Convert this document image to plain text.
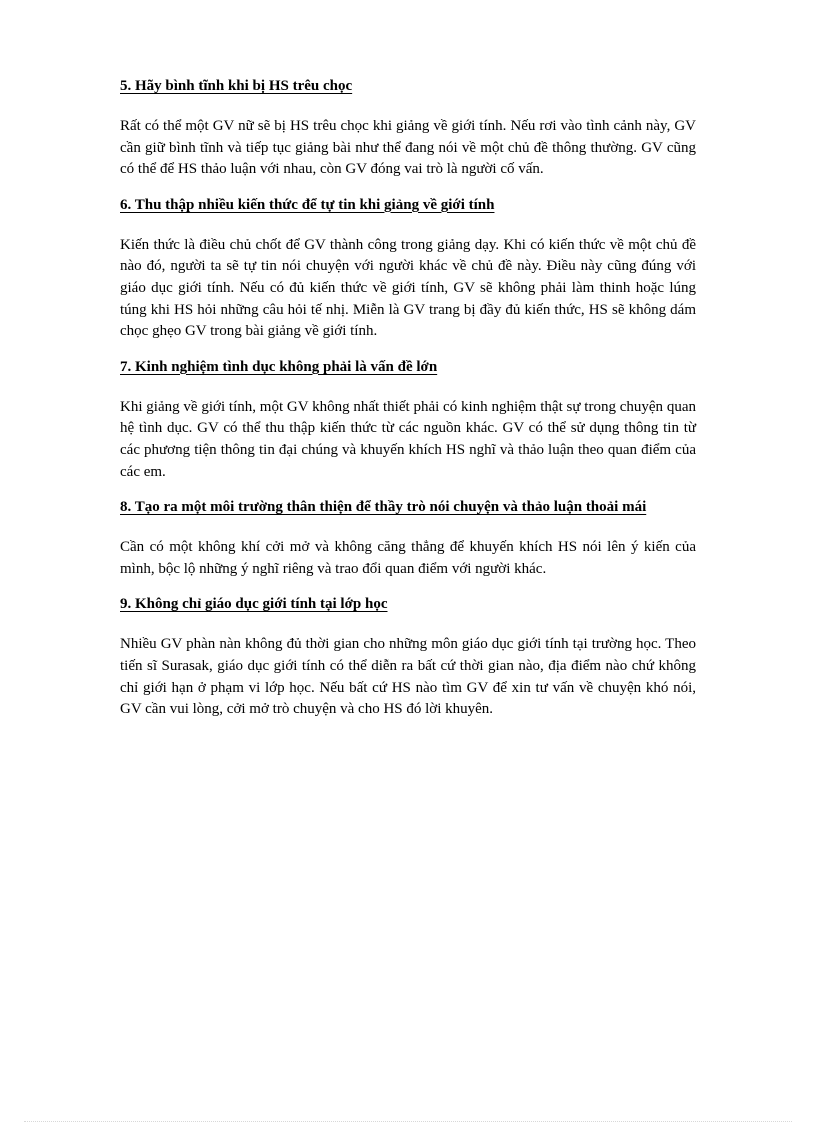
5. Hãy bình tĩnh khi bị HS trêu chọc

Rất có thể một GV nữ sẽ bị HS trêu chọc khi giảng về giới tính. Nếu rơi vào tình cảnh này, GV cần giữ bình tĩnh và tiếp tục giảng bài như thể đang nói về một chủ đề thông thường. GV cũng có thể để HS thảo luận với nhau, còn GV đóng vai trò là người cố vấn.

6. Thu thập nhiều kiến thức để tự tin khi giảng về giới tính

Kiến thức là điều chủ chốt để GV thành công trong giảng dạy. Khi có kiến thức về một chủ đề nào đó, người ta sẽ tự tin nói chuyện với người khác về chủ đề này. Điều này cũng đúng với giáo dục giới tính. Nếu có đủ kiến thức về giới tính, GV sẽ không phải làm thinh hoặc lúng túng khi HS hỏi những câu hỏi tế nhị. Miễn là GV trang bị đầy đủ kiến thức, HS sẽ không dám chọc ghẹo GV trong bài giảng về giới tính.

7. Kinh nghiệm tình dục không phải là vấn đề lớn

Khi giảng về giới tính, một GV không nhất thiết phải có kinh nghiệm thật sự trong chuyện quan hệ tình dục. GV có thể thu thập kiến thức từ các nguồn khác. GV có thể sử dụng thông tin từ các phương tiện thông tin đại chúng và khuyến khích HS nghĩ và thảo luận theo quan điểm của các em.

8. Tạo ra một môi trường thân thiện để thầy trò nói chuyện và thảo luận thoải mái

Cần có một không khí cởi mở và không căng thẳng để khuyến khích HS nói lên ý kiến của mình, bộc lộ những ý nghĩ riêng và trao đổi quan điểm với người khác.

9. Không chỉ giáo dục giới tính tại lớp học

Nhiều GV phàn nàn không đủ thời gian cho những môn giáo dục giới tính tại trường học. Theo tiến sĩ Surasak, giáo dục giới tính có thể diễn ra bất cứ thời gian nào, địa điểm nào chứ không chỉ giới hạn ở phạm vi lớp học. Nếu bất cứ HS nào tìm GV để xin tư vấn về chuyện khó nói, GV cần vui lòng, cởi mở trò chuyện và cho HS đó lời khuyên.
